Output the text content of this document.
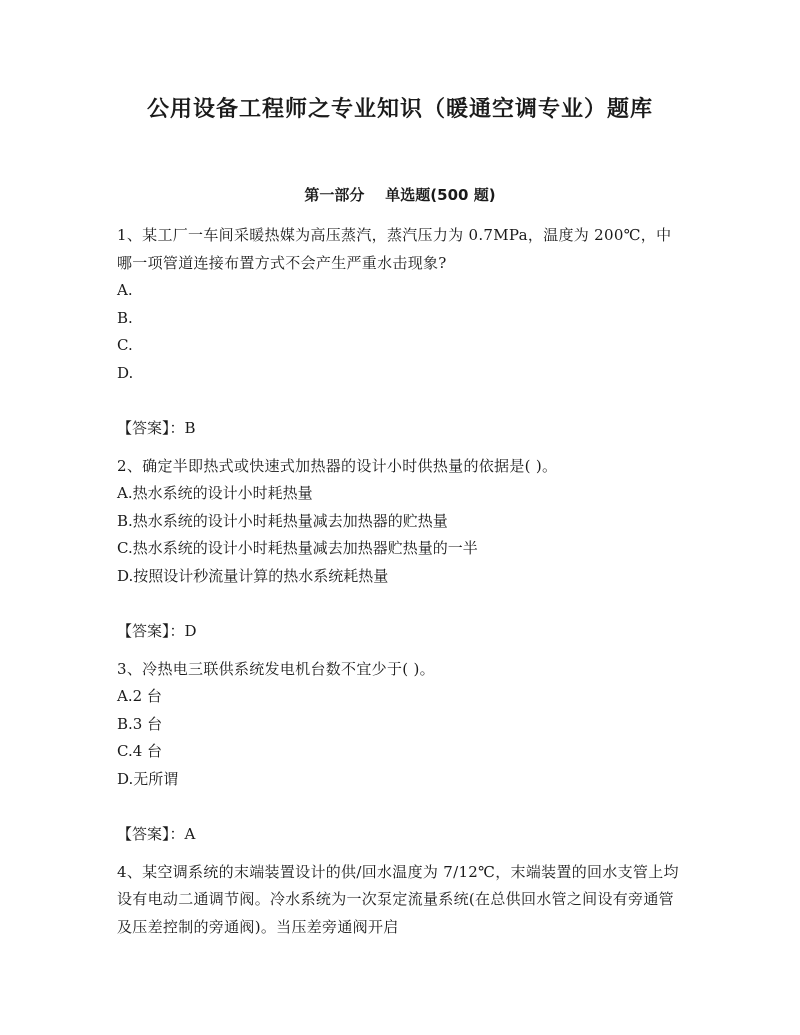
公用设备工程师之专业知识（暖通空调专业）题库
第一部分    单选题(500 题)

1、某工厂一车间采暖热媒为高压蒸汽，蒸汽压力为 0.7MPa，温度为 200℃，中哪一项管道连接布置方式不会产生严重水击现象?

A.

B.

C.

D.

【答案】：B

2、确定半即热式或快速式加热器的设计小时供热量的依据是( )。

A.热水系统的设计小时耗热量

B.热水系统的设计小时耗热量减去加热器的贮热量

C.热水系统的设计小时耗热量减去加热器贮热量的一半

D.按照设计秒流量计算的热水系统耗热量

【答案】：D

3、冷热电三联供系统发电机台数不宜少于( )。

A.2 台

B.3 台

C.4 台

D.无所谓

【答案】：A

4、某空调系统的末端装置设计的供/回水温度为 7/12℃，末端装置的回水支管上均设有电动二通调节阀。冷水系统为一次泵定流量系统(在总供回水管之间设有旁通管及压差控制的旁通阀)。当压差旁通阀开启
